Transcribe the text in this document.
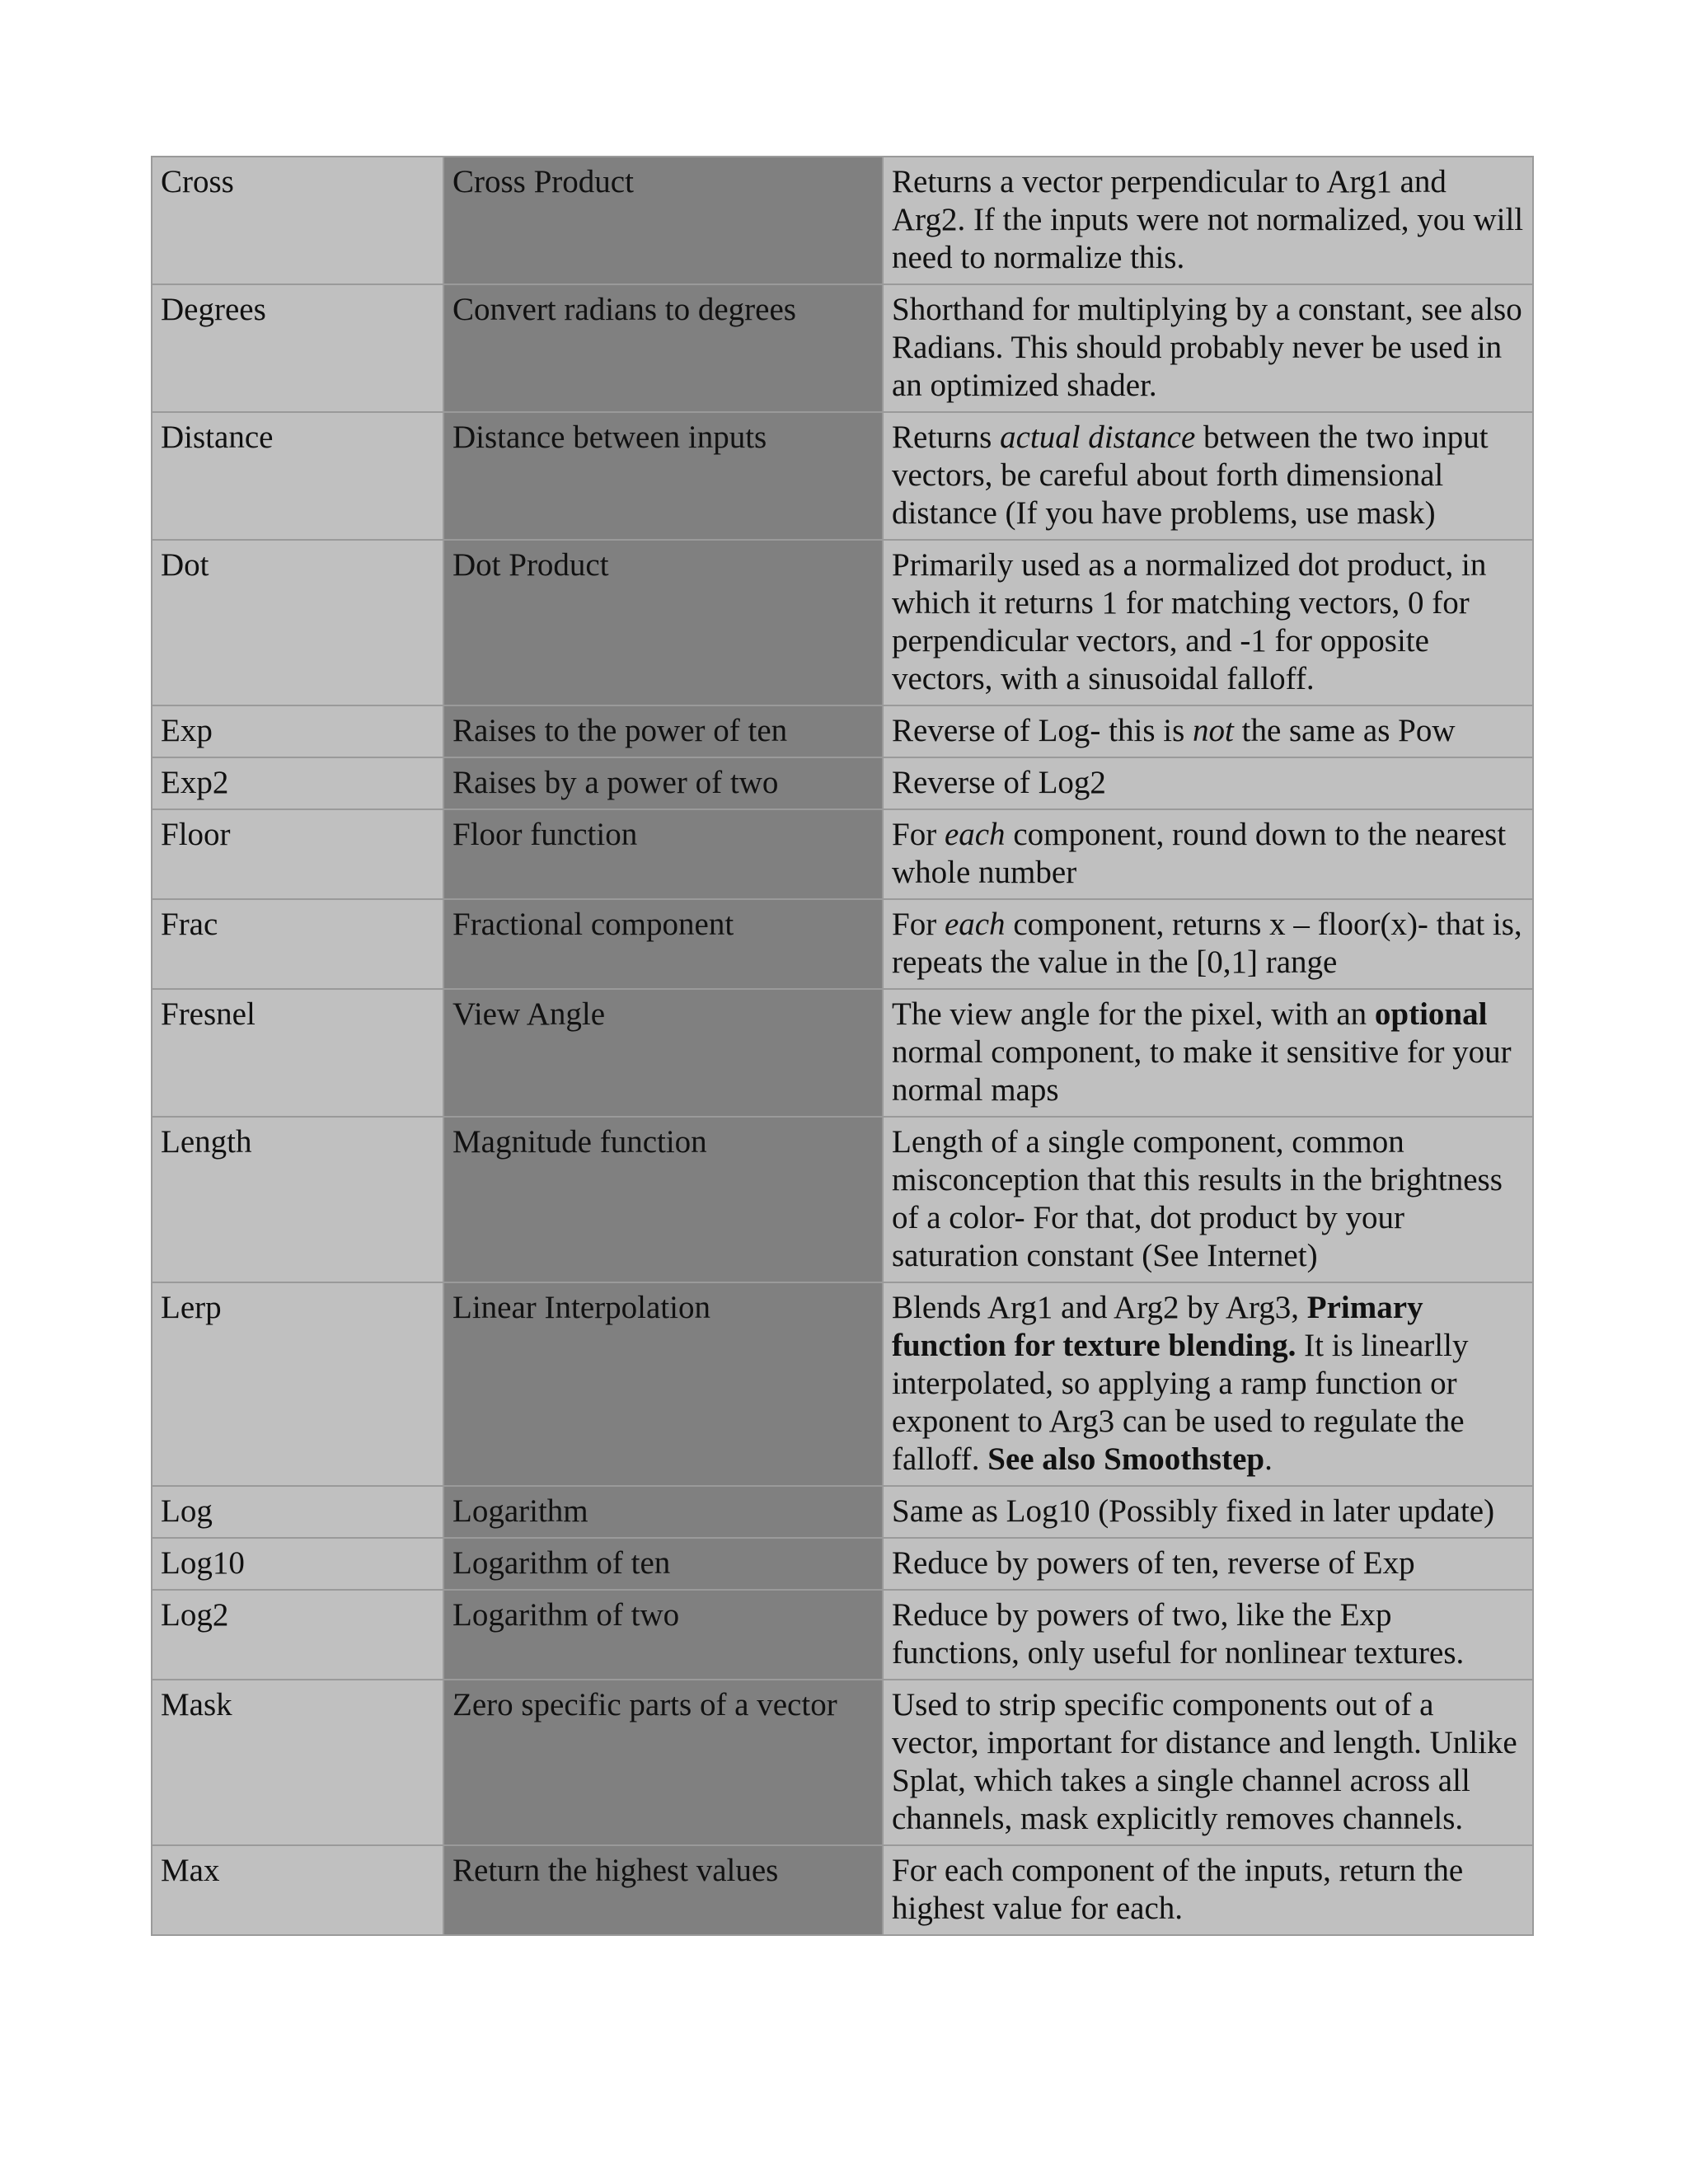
Cross	Cross Product	Returns a vector perpendicular to Arg1 and Arg2. If the inputs were not normalized, you will need to normalize this.
Degrees	Convert radians to degrees	Shorthand for multiplying by a constant, see also Radians. This should probably never be used in an optimized shader.
Distance	Distance between inputs	Returns actual distance between the two input vectors, be careful about forth dimensional distance (If you have problems, use mask)
Dot	Dot Product	Primarily used as a normalized dot product, in which it returns 1 for matching vectors, 0 for perpendicular vectors, and -1 for opposite vectors, with a sinusoidal falloff.
Exp	Raises to the power of ten	Reverse of Log- this is not the same as Pow
Exp2	Raises by a power of two	Reverse of Log2
Floor	Floor function	For each component, round down to the nearest whole number
Frac	Fractional component	For each component, returns x – floor(x)- that is, repeats the value in the [0,1] range
Fresnel	View Angle	The view angle for the pixel, with an optional normal component, to make it sensitive for your normal maps
Length	Magnitude function	Length of a single component, common misconception that this results in the brightness of a color- For that, dot product by your saturation constant (See Internet)
Lerp	Linear Interpolation	Blends Arg1 and Arg2 by Arg3, Primary function for texture blending. It is linearlly interpolated, so applying a ramp function or exponent to Arg3 can be used to regulate the falloff. See also Smoothstep.
Log	Logarithm	Same as Log10 (Possibly fixed in later update)
Log10	Logarithm of ten	Reduce by powers of ten, reverse of Exp
Log2	Logarithm of two	Reduce by powers of two, like the Exp functions, only useful for nonlinear textures.
Mask	Zero specific parts of a vector	Used to strip specific components out of a vector, important for distance and length. Unlike Splat, which takes a single channel across all channels, mask explicitly removes channels.
Max	Return the highest values	For each component of the inputs, return the highest value for each.
